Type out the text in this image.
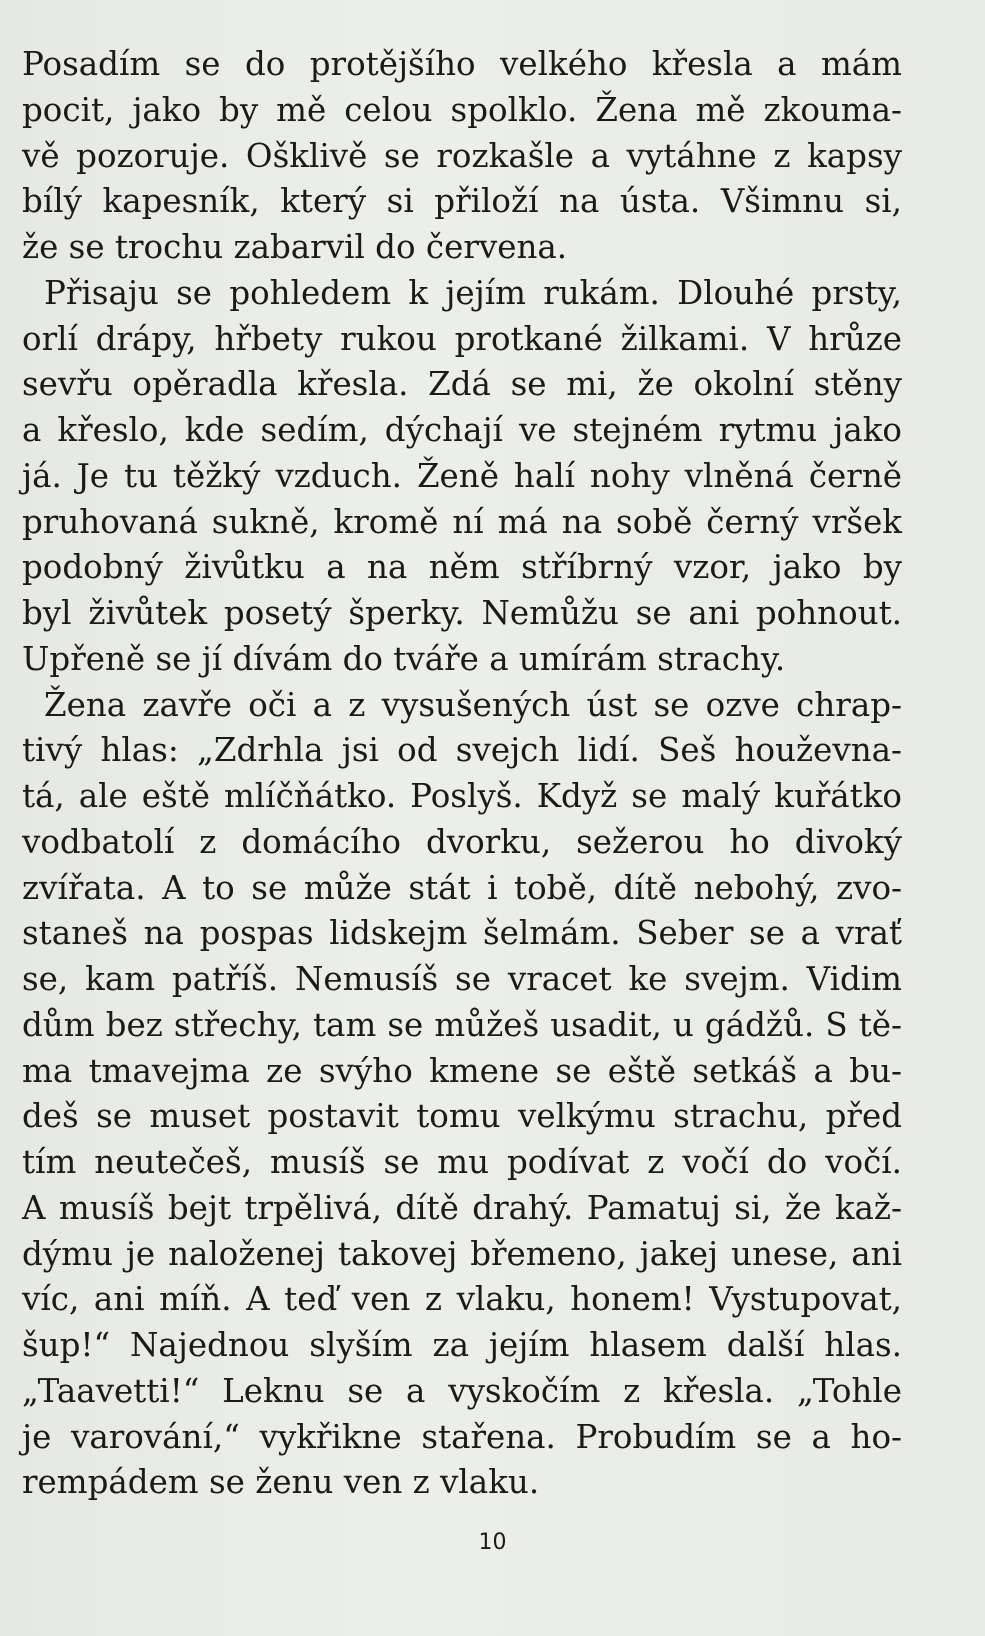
Posadím se do protějšího velkého křesla a mám
pocit, jako by mě celou spolklo. Žena mě zkouma-
vě pozoruje. Ošklivě se rozkašle a vytáhne z kapsy
bílý kapesník, který si přiloží na ústa. Všimnu si,
že se trochu zabarvil do červena.
Přisaju se pohledem k jejím rukám. Dlouhé prsty,
orlí drápy, hřbety rukou protkané žilkami. V hrůze
sevřu opěradla křesla. Zdá se mi, že okolní stěny
a křeslo, kde sedím, dýchají ve stejném rytmu jako
já. Je tu těžký vzduch. Ženě halí nohy vlněná černě
pruhovaná sukně, kromě ní má na sobě černý vršek
podobný živůtku a na něm stříbrný vzor, jako by
byl živůtek posetý šperky. Nemůžu se ani pohnout.
Upřeně se jí dívám do tváře a umírám strachy.
Žena zavře oči a z vysušených úst se ozve chrap-
tivý hlas: „Zdrhla jsi od svejch lidí. Seš houževna-
tá, ale eště mlíčňátko. Poslyš. Když se malý kuřátko
vodbatolí z domácího dvorku, sežerou ho divoký
zvířata. A to se může stát i tobě, dítě nebohý, zvo-
staneš na pospas lidskejm šelmám. Seber se a vrať
se, kam patříš. Nemusíš se vracet ke svejm. Vidim
dům bez střechy, tam se můžeš usadit, u gádžů. S tě-
ma tmavejma ze svýho kmene se eště setkáš a bu-
deš se muset postavit tomu velkýmu strachu, před
tím neutečeš, musíš se mu podívat z vočí do vočí.
A musíš bejt trpělivá, dítě drahý. Pamatuj si, že kaž-
dýmu je naloženej takovej břemeno, jakej unese, ani
víc, ani míň. A teď ven z vlaku, honem! Vystupovat,
šup!“ Najednou slyším za jejím hlasem další hlas.
„Taavetti!“ Leknu se a vyskočím z křesla. „Tohle
je varování,“ vykřikne stařena. Probudím se a ho-
rempádem se ženu ven z vlaku.
10
